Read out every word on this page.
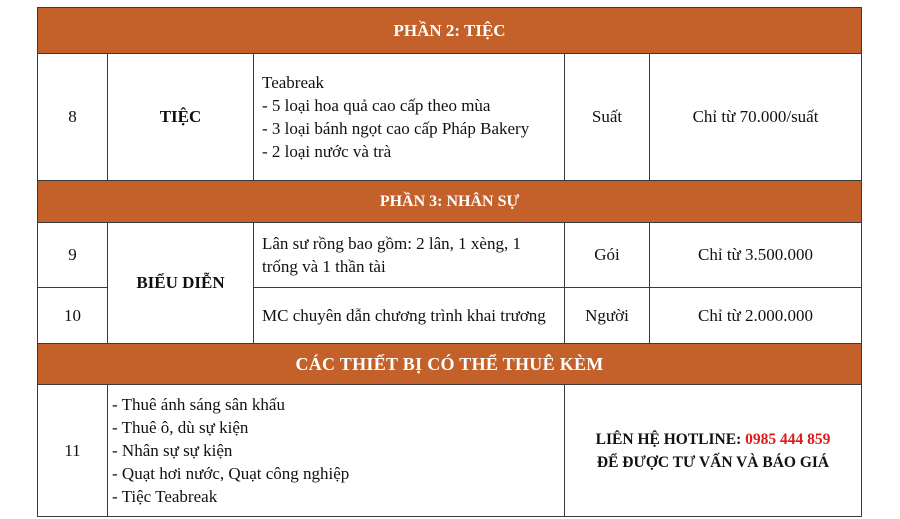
PHẦN 2: TIỆC				
8	TIỆC	Teabreak
- 5 loại hoa quả cao cấp theo mùa
- 3 loại bánh ngọt cao cấp Pháp Bakery
- 2 loại nước và trà	Suất	Chỉ từ 70.000/suất
PHẦN 3: NHÂN SỰ				
9	BIỂU DIỄN	Lân sư rồng bao gồm: 2 lân, 1 xèng, 1 trống và 1 thần tài	Gói	Chỉ từ 3.500.000
10		MC chuyên dẫn chương trình khai trương	Người	Chỉ từ 2.000.000
CÁC THIẾT BỊ CÓ THỂ THUÊ KÈM				
11	- Thuê ánh sáng sân khấu
- Thuê ô, dù sự kiện
- Nhân sự sự kiện
- Quạt hơi nước, Quạt công nghiệp
- Tiệc Teabreak		LIÊN HỆ HOTLINE: 0985 444 859
ĐỂ ĐƯỢC TƯ VẤN VÀ BÁO GIÁ	
